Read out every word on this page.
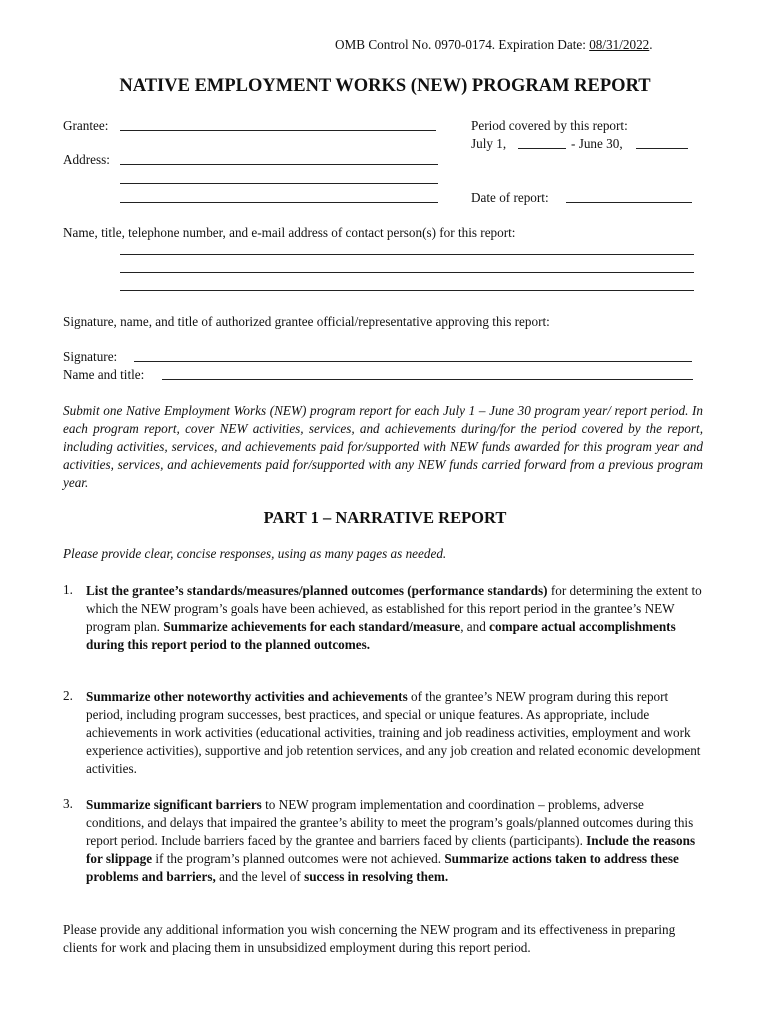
OMB Control No. 0970-0174. Expiration Date: 08/31/2022.
NATIVE EMPLOYMENT WORKS (NEW) PROGRAM REPORT
Grantee:
Address:
Period covered by this report:
July 1,	- June 30,
Date of report:
Name, title, telephone number, and e-mail address of contact person(s) for this report:
Signature, name, and title of authorized grantee official/representative approving this report:
Signature:
Name and title:
Submit one Native Employment Works (NEW) program report for each July 1 – June 30 program year/ report period. In each program report, cover NEW activities, services, and achievements during/for the period covered by the report, including activities, services, and achievements paid for/supported with NEW funds awarded for this program year and activities, services, and achievements paid for/supported with any NEW funds carried forward from a previous program year.
PART 1 – NARRATIVE REPORT
Please provide clear, concise responses, using as many pages as needed.
1. List the grantee’s standards/measures/planned outcomes (performance standards) for determining the extent to which the NEW program’s goals have been achieved, as established for this report period in the grantee’s NEW program plan. Summarize achievements for each standard/measure, and compare actual accomplishments during this report period to the planned outcomes.
2. Summarize other noteworthy activities and achievements of the grantee’s NEW program during this report period, including program successes, best practices, and special or unique features. As appropriate, include achievements in work activities (educational activities, training and job readiness activities, employment and work experience activities), supportive and job retention services, and any job creation and related economic development activities.
3. Summarize significant barriers to NEW program implementation and coordination – problems, adverse conditions, and delays that impaired the grantee’s ability to meet the program’s goals/planned outcomes during this report period. Include barriers faced by the grantee and barriers faced by clients (participants). Include the reasons for slippage if the program’s planned outcomes were not achieved. Summarize actions taken to address these problems and barriers, and the level of success in resolving them.
Please provide any additional information you wish concerning the NEW program and its effectiveness in preparing clients for work and placing them in unsubsidized employment during this report period.
